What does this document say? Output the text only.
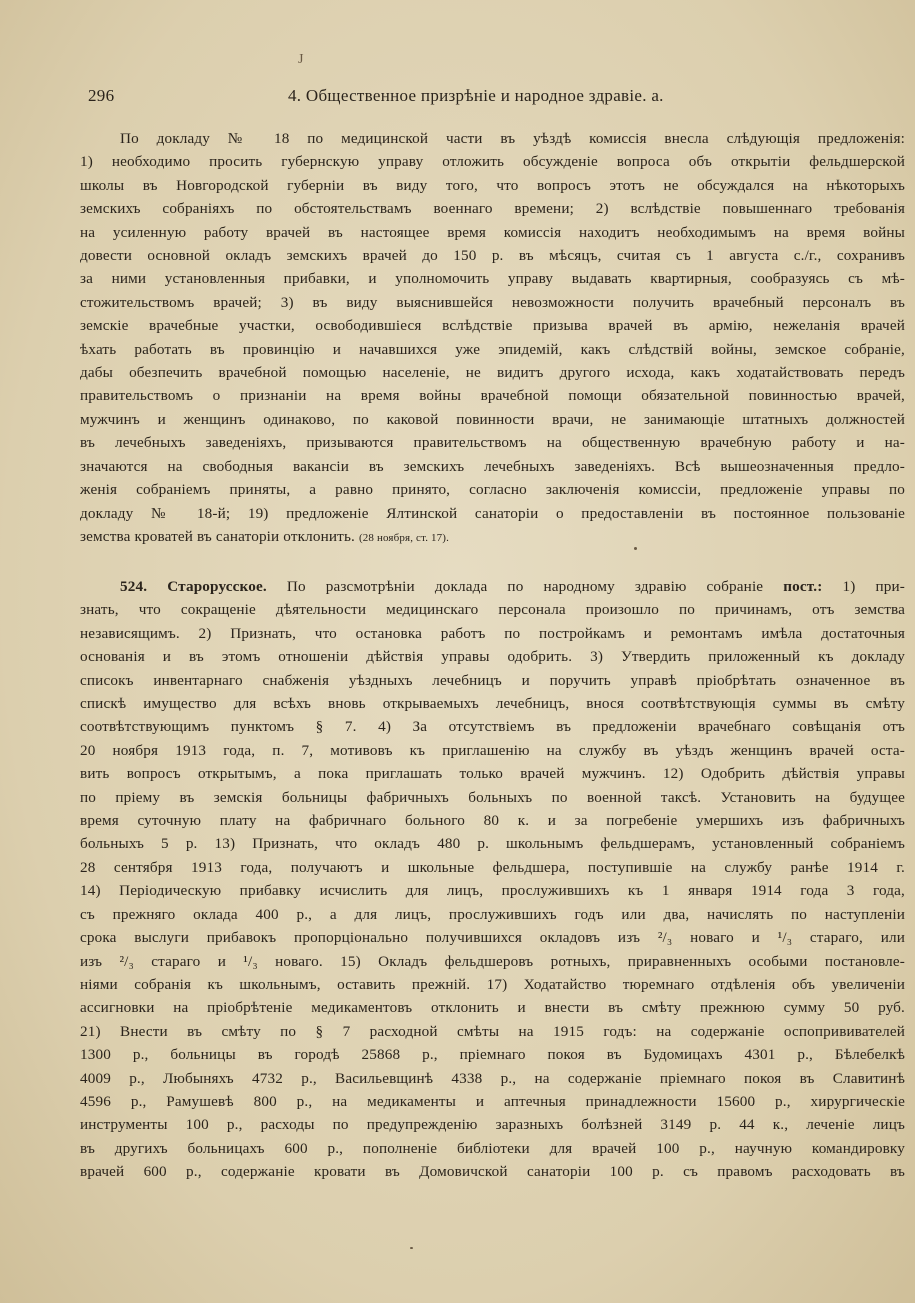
J
296	4. Общественное призрѣніе и народное здравіе. а.
По докладу № 18 по медицинской части въ уѣздѣ комиссія внесла слѣдующія предложенія:
1) необходимо просить губернскую управу отложить обсужденіе вопроса объ открытіи фельдшерской
школы въ Новгородской губерніи въ виду того, что вопросъ этотъ не обсуждался на нѣкоторыхъ
земскихъ собраніяхъ по обстоятельствамъ военнаго времени; 2) вслѣдствіе повышеннаго требованія
на усиленную работу врачей въ настоящее время комиссія находитъ необходимымъ на время войны
довести основной окладъ земскихъ врачей до 150 р. въ мѣсяцъ, считая съ 1 августа с./г., сохранивъ
за ними установленныя прибавки, и уполномочить управу выдавать квартирныя, сообразуясь съ мѣ-
стожительствомъ врачей; 3) въ виду выяснившейся невозможности получить врачебный персоналъ въ
земскіе врачебные участки, освободившіеся вслѣдствіе призыва врачей въ армію, нежеланія врачей
ѣхать работать въ провинцію и начавшихся уже эпидемій, какъ слѣдствій войны, земское собраніе,
дабы обезпечить врачебной помощью населеніе, не видитъ другого исхода, какъ ходатайствовать передъ
правительствомъ о признаніи на время войны врачебной помощи обязательной повинностью врачей,
мужчинъ и женщинъ одинаково, по каковой повинности врачи, не занимающіе штатныхъ должностей
въ лечебныхъ заведеніяхъ, призываются правительствомъ на общественную врачебную работу и на-
значаются на свободныя вакансіи въ земскихъ лечебныхъ заведеніяхъ. Всѣ вышеозначенныя предло-
женія собраніемъ приняты, а равно принято, согласно заключенія комиссіи, предложеніе управы по
докладу № 18-й; 19) предложеніе Ялтинской санаторіи о предоставленіи въ постоянное пользованіе
земства кроватей въ санаторіи отклонить. (28 ноября, ст. 17).
524. Старорусское. По разсмотрѣніи доклада по народному здравію собраніе пост.: 1) при-
знать, что сокращеніе дѣятельности медицинскаго персонала произошло по причинамъ, отъ земства
независящимъ. 2) Признать, что остановка работъ по постройкамъ и ремонтамъ имѣла достаточныя
основанія и въ этомъ отношеніи дѣйствія управы одобрить. 3) Утвердить приложенный къ докладу
списокъ инвентарнаго снабженія уѣздныхъ лечебницъ и поручить управѣ пріобрѣтать означенное въ
спискѣ имущество для всѣхъ вновь открываемыхъ лечебницъ, внося соотвѣтствующія суммы въ смѣту
соотвѣтствующимъ пунктомъ § 7. 4) За отсутствіемъ въ предложеніи врачебнаго совѣщанія отъ
20 ноября 1913 года, п. 7, мотивовъ къ приглашенію на службу въ уѣздъ женщинъ врачей оста-
вить вопросъ открытымъ, а пока приглашать только врачей мужчинъ. 12) Одобрить дѣйствія управы
по пріему въ земскія больницы фабричныхъ больныхъ по военной таксѣ. Установить на будущее
время суточную плату на фабричнаго больного 80 к. и за погребеніе умершихъ изъ фабричныхъ
больныхъ 5 р. 13) Признать, что окладъ 480 р. школьнымъ фельдшерамъ, установленный собраніемъ
28 сентября 1913 года, получаютъ и школьные фельдшера, поступившіе на службу ранѣе 1914 г.
14) Періодическую прибавку исчислить для лицъ, прослужившихъ къ 1 января 1914 года 3 года,
съ прежняго оклада 400 р., а для лицъ, прослужившихъ годъ или два, начислять по наступленіи
срока выслуги прибавокъ пропорціонально получившихся окладовъ изъ ²/₃ новаго и ¹/₃ стараго, или
изъ ²/₃ стараго и ¹/₃ новаго. 15) Окладъ фельдшеровъ ротныхъ, приравненныхъ особыми постановле-
ніями собранія къ школьнымъ, оставить прежній. 17) Ходатайство тюремнаго отдѣленія объ увеличеніи
ассигновки на пріобрѣтеніе медикаментовъ отклонить и внести въ смѣту прежнюю сумму 50 руб.
21) Внести въ смѣту по § 7 расходной смѣты на 1915 годъ: на содержаніе оспопрививателей
1300 р., больницы въ городѣ 25868 р., пріемнаго покоя въ Будомицахъ 4301 р., Бѣлебелкѣ
4009 р., Любыняхъ 4732 р., Васильевщинѣ 4338 р., на содержаніе пріемнаго покоя въ Славитинѣ
4596 р., Рамушевѣ 800 р., на медикаменты и аптечныя принадлежности 15600 р., хирургическіе
инструменты 100 р., расходы по предупрежденію заразныхъ болѣзней 3149 р. 44 к., леченіе лицъ
въ другихъ больницахъ 600 р., пополненіе библіотеки для врачей 100 р., научную командировку
врачей 600 р., содержаніе кровати въ Домовичской санаторіи 100 р. съ правомъ расходовать въ
